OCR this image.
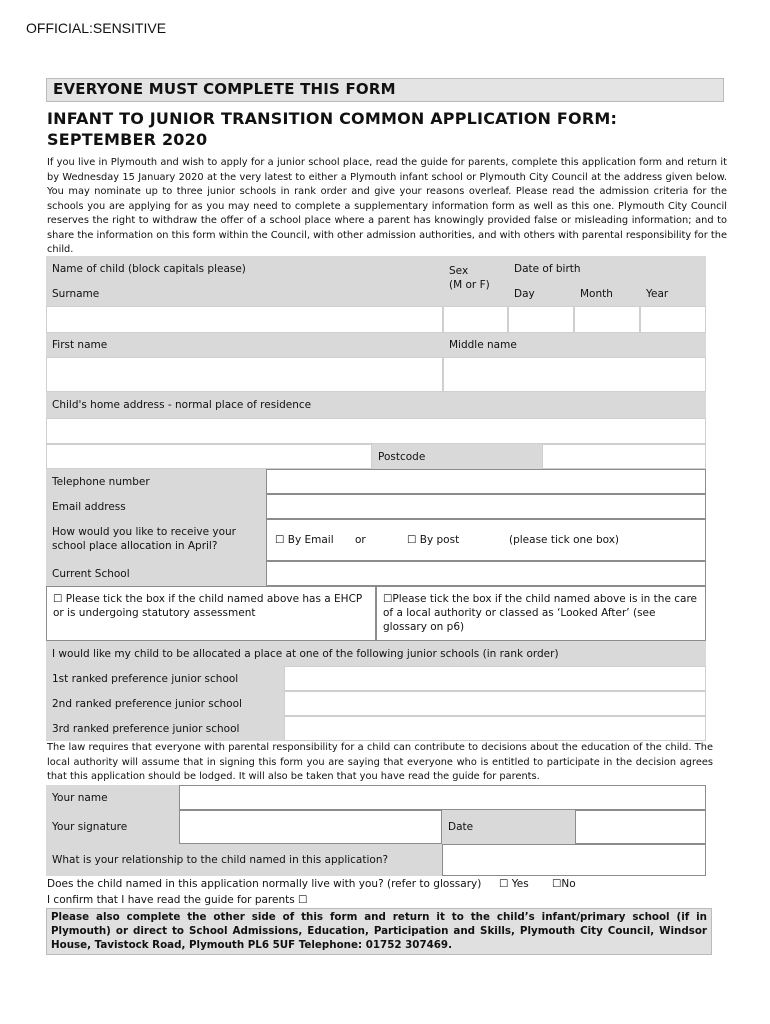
OFFICIAL:SENSITIVE
EVERYONE MUST COMPLETE THIS FORM
INFANT TO JUNIOR TRANSITION COMMON APPLICATION FORM:
SEPTEMBER 2020
If you live in Plymouth and wish to apply for a junior school place, read the guide for parents, complete this application form and return it by Wednesday 15 January 2020 at the very latest to either a Plymouth infant school or Plymouth City Council at the address given below. You may nominate up to three junior schools in rank order and give your reasons overleaf. Please read the admission criteria for the schools you are applying for as you may need to complete a supplementary information form as well as this one. Plymouth City Council reserves the right to withdraw the offer of a school place where a parent has knowingly provided false or misleading information; and to share the information on this form within the Council, with other admission authorities, and with others with parental responsibility for the child.
Name of child (block capitals please)	Sex
(M or F)
Date of birth
Surname	Day	Month	Year
First name	Middle name
Child's home address - normal place of residence
Postcode
Telephone number
Email address
How would you like to receive your school place allocation in April?	☐ By Email or	☐ By post	(please tick one box)
Current School
☐ Please tick the box if the child named above has a EHCP or is undergoing statutory assessment
☐Please tick the box if the child named above is in the care of a local authority or classed as ‘Looked After’ (see glossary on p6)
I would like my child to be allocated a place at one of the following junior schools (in rank order)
1st ranked preference junior school
2nd ranked preference junior school
3rd ranked preference junior school
The law requires that everyone with parental responsibility for a child can contribute to decisions about the education of the child. The local authority will assume that in signing this form you are saying that everyone who is entitled to participate in the decision agrees that this application should be lodged. It will also be taken that you have read the guide for parents.
Your name
Your signature	Date
What is your relationship to the child named in this application?
Does the child named in this application normally live with you? (refer to glossary) ☐ Yes ☐No
I confirm that I have read the guide for parents ☐
Please also complete the other side of this form and return it to the child’s infant/primary school (if in Plymouth) or direct to School Admissions, Education, Participation and Skills, Plymouth City Council, Windsor House, Tavistock Road, Plymouth PL6 5UF Telephone: 01752 307469.
